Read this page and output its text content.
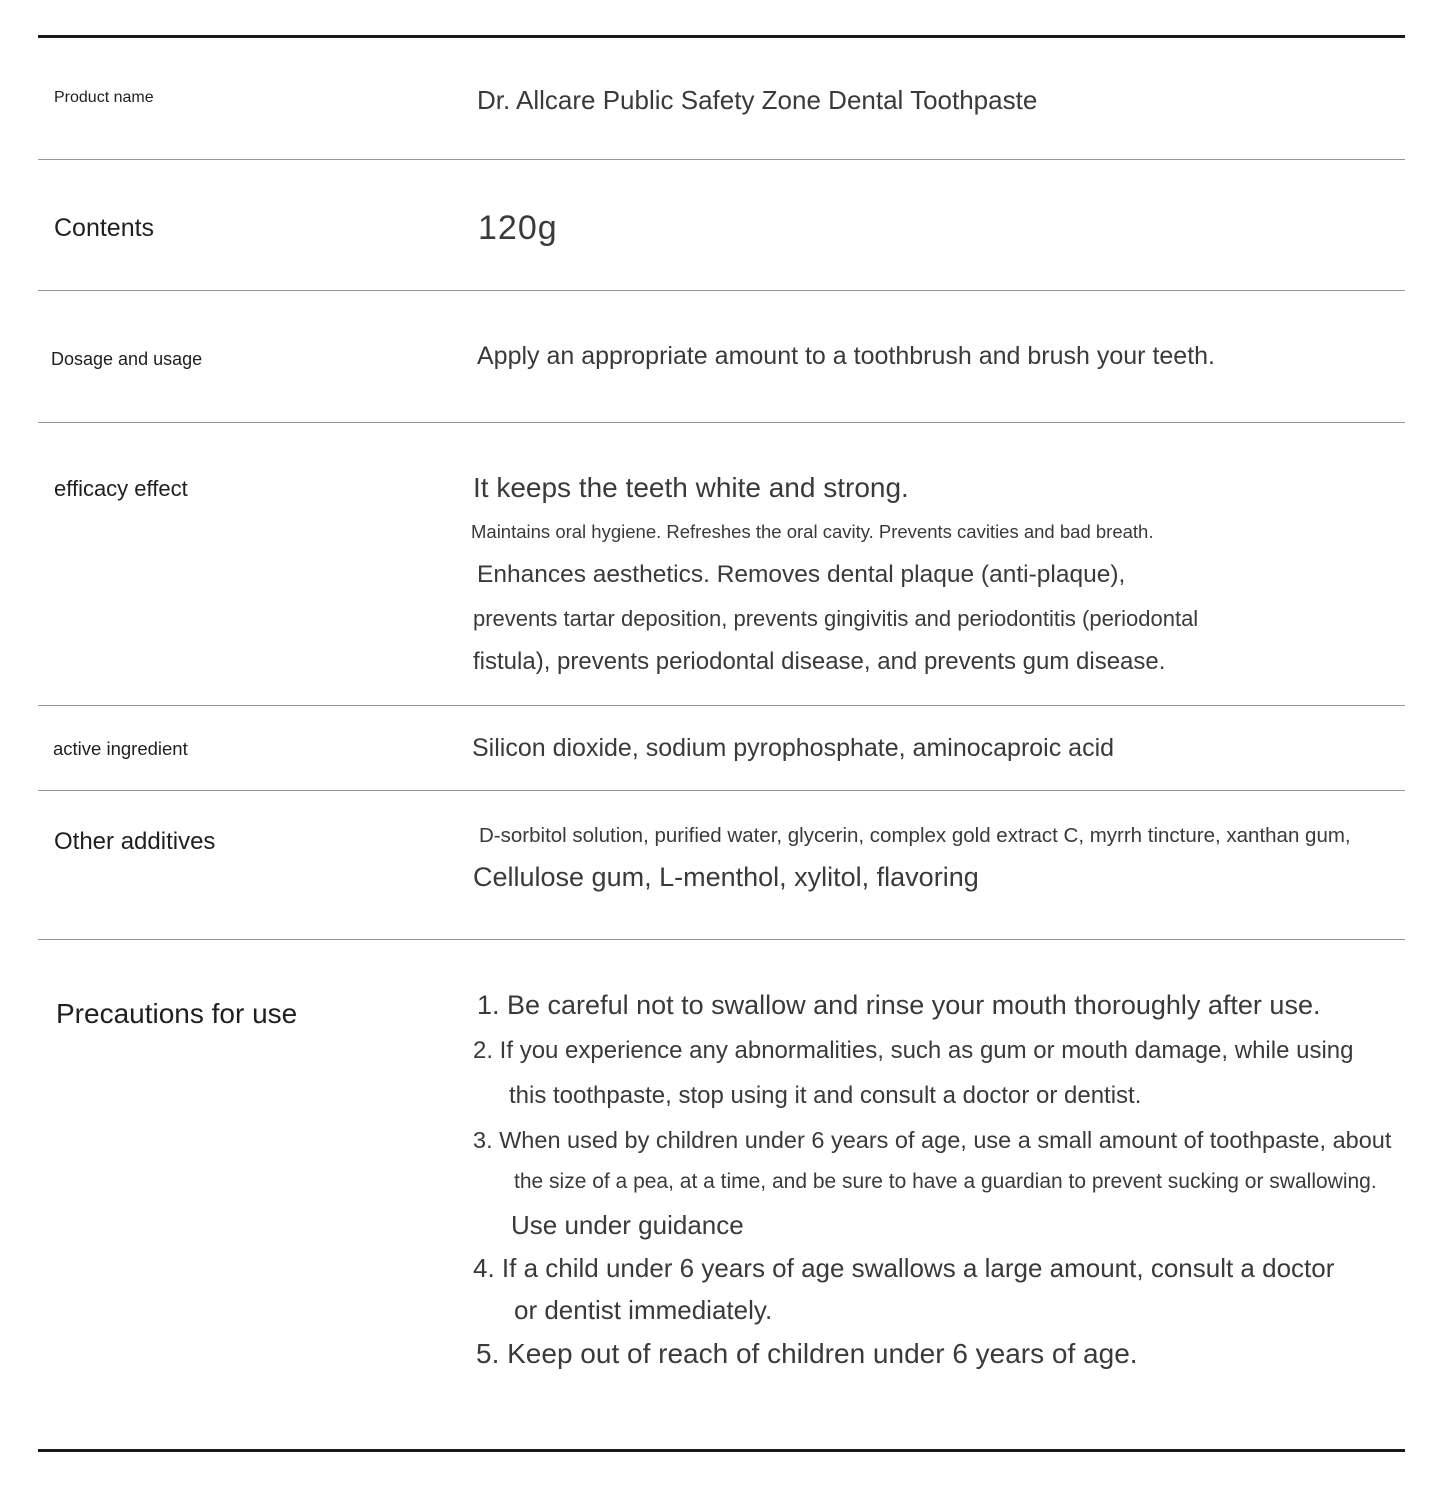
Product name	Dr. Allcare Public Safety Zone Dental Toothpaste
Contents	120g
Dosage and usage	Apply an appropriate amount to a toothbrush and brush your teeth.
efficacy effect	It keeps the teeth white and strong.
Maintains oral hygiene. Refreshes the oral cavity. Prevents cavities and bad breath.
Enhances aesthetics. Removes dental plaque (anti-plaque),
prevents tartar deposition, prevents gingivitis and periodontitis (periodontal
fistula), prevents periodontal disease, and prevents gum disease.
active ingredient	Silicon dioxide, sodium pyrophosphate, aminocaproic acid
Other additives	D-sorbitol solution, purified water, glycerin, complex gold extract C, myrrh tincture, xanthan gum,
Cellulose gum, L-menthol, xylitol, flavoring
Precautions for use	1. Be careful not to swallow and rinse your mouth thoroughly after use.
2. If you experience any abnormalities, such as gum or mouth damage, while using
this toothpaste, stop using it and consult a doctor or dentist.
3. When used by children under 6 years of age, use a small amount of toothpaste, about
the size of a pea, at a time, and be sure to have a guardian to prevent sucking or swallowing.
Use under guidance
4. If a child under 6 years of age swallows a large amount, consult a doctor
or dentist immediately.
5. Keep out of reach of children under 6 years of age.
